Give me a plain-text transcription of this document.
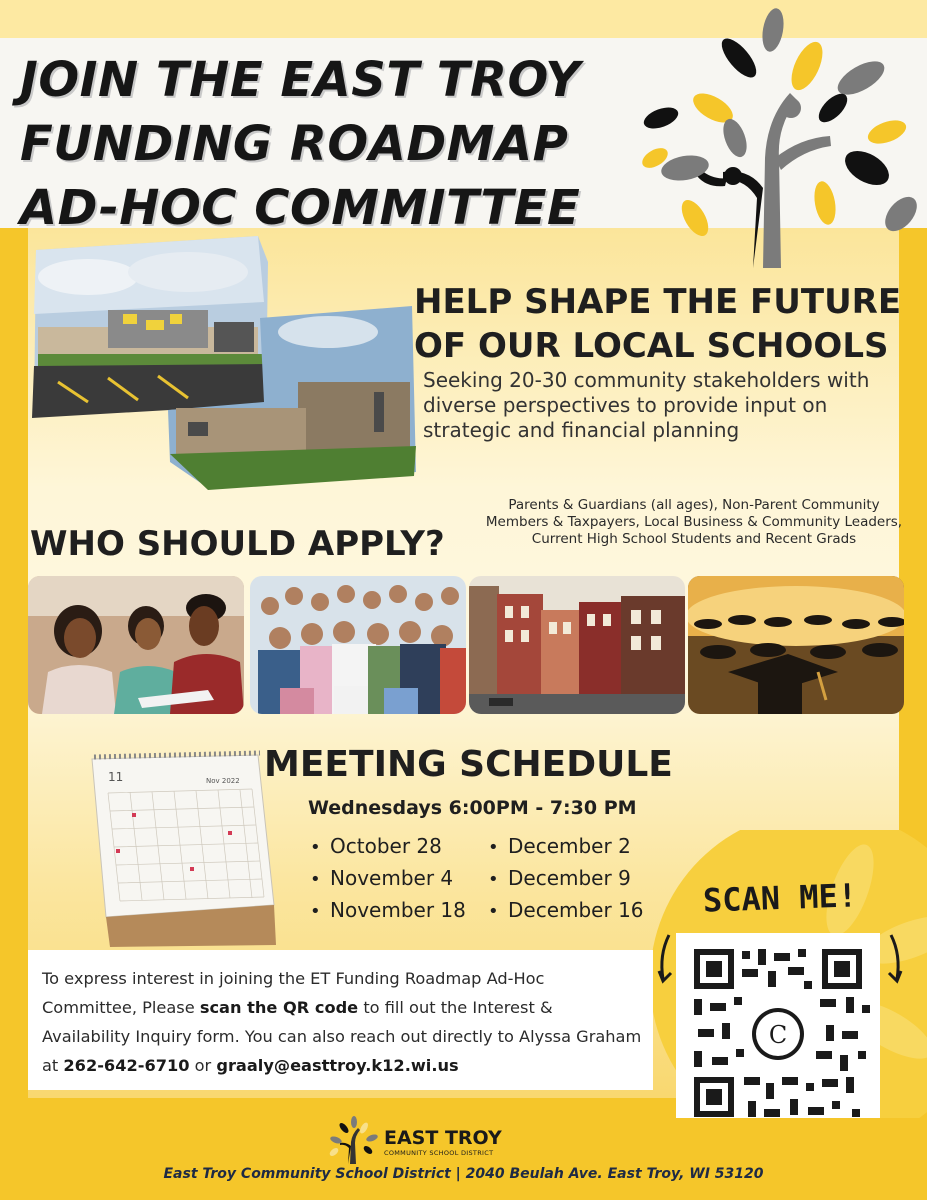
JOIN THE EAST TROY
FUNDING ROADMAP
AD-HOC COMMITTEE
HELP SHAPE THE FUTURE
OF OUR LOCAL SCHOOLS

Seeking 20-30 community stakeholders with diverse perspectives to provide input on strategic and financial planning

WHO SHOULD APPLY?

Parents & Guardians (all ages), Non-Parent Community Members & Taxpayers, Local Business & Community Leaders, Current High School Students and Recent Grads

11	Nov 2022 MEETING SCHEDULE

Wednesdays 6:00PM - 7:30 PM

• October 28
• November 4
• November 18
• December 2
• December 9
• December 16

To express interest in joining the ET Funding Roadmap Ad-Hoc Committee, Please scan the QR code to fill out the Interest & Availability Inquiry form. You can also reach out directly to Alyssa Graham at 262-642-6710 or graaly@easttroy.k12.wi.us

SCAN ME!
C
EAST TROY
COMMUNITY SCHOOL DISTRICT

East Troy Community School District | 2040 Beulah Ave. East Troy, WI 53120
